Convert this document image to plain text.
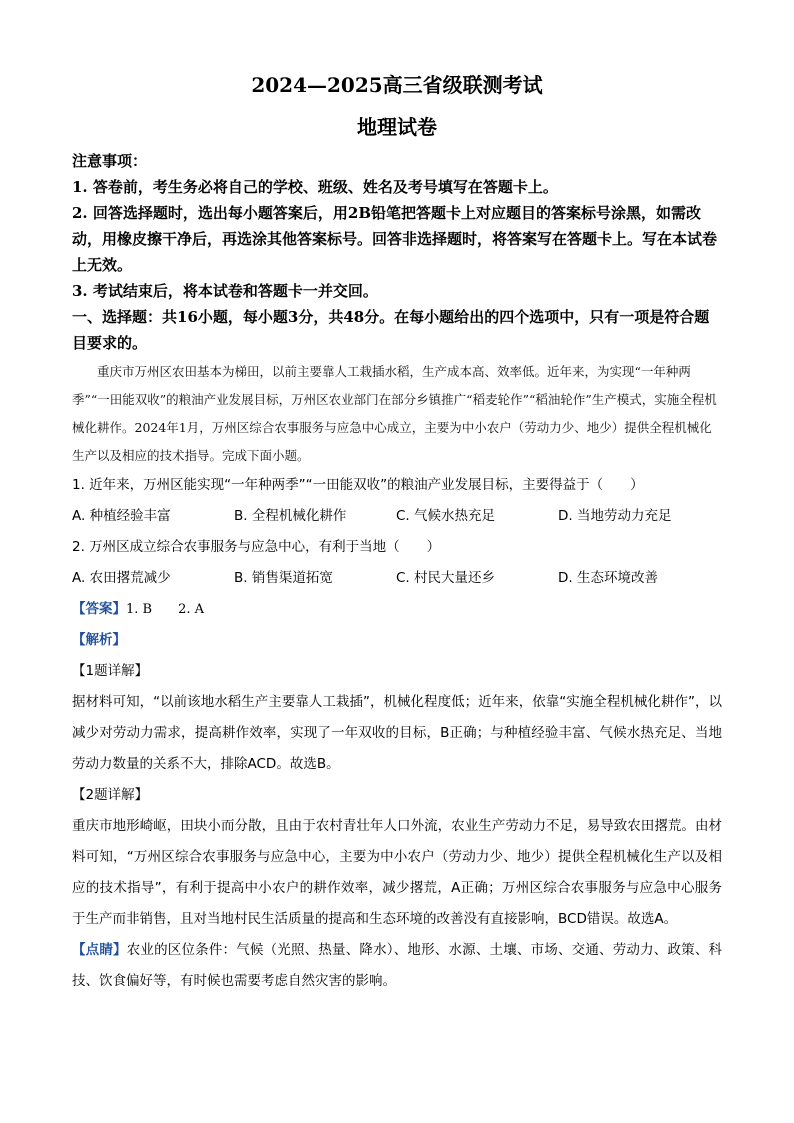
2024—2025高三省级联测考试
地理试卷

注意事项：

1. 答卷前，考生务必将自己的学校、班级、姓名及考号填写在答题卡上。

2. 回答选择题时，选出每小题答案后，用2B铅笔把答题卡上对应题目的答案标号涂黑，如需改动，用橡皮擦干净后，再选涂其他答案标号。回答非选择题时，将答案写在答题卡上。写在本试卷上无效。

3. 考试结束后，将本试卷和答题卡一并交回。

一、选择题：共16小题，每小题3分，共48分。在每小题给出的四个选项中，只有一项是符合题目要求的。

重庆市万州区农田基本为梯田，以前主要靠人工栽插水稻，生产成本高、效率低。近年来，为实现“一年种两季”“一田能双收”的粮油产业发展目标，万州区农业部门在部分乡镇推广“稻麦轮作”“稻油轮作”生产模式，实施全程机械化耕作。2024年1月，万州区综合农事服务与应急中心成立，主要为中小农户（劳动力少、地少）提供全程机械化生产以及相应的技术指导。完成下面小题。

1. 近年来，万州区能实现“一年种两季”“一田能双收”的粮油产业发展目标，主要得益于（　　）

A. 种植经验丰富	B. 全程机械化耕作	C. 气候水热充足	D. 当地劳动力充足

2. 万州区成立综合农事服务与应急中心，有利于当地（　　）

A. 农田撂荒减少	B. 销售渠道拓宽	C. 村民大量还乡	D. 生态环境改善

【答案】1. B 2. A

【解析】

【1题详解】

据材料可知，“以前该地水稻生产主要靠人工栽插”，机械化程度低；近年来，依靠“实施全程机械化耕作”，以减少对劳动力需求，提高耕作效率，实现了一年双收的目标，B正确；与种植经验丰富、气候水热充足、当地劳动力数量的关系不大，排除ACD。故选B。

【2题详解】

重庆市地形崎岖，田块小而分散，且由于农村青壮年人口外流，农业生产劳动力不足，易导致农田撂荒。由材料可知，“万州区综合农事服务与应急中心，主要为中小农户（劳动力少、地少）提供全程机械化生产以及相应的技术指导”，有利于提高中小农户的耕作效率，减少撂荒，A正确；万州区综合农事服务与应急中心服务于生产而非销售，且对当地村民生活质量的提高和生态环境的改善没有直接影响，BCD错误。故选A。

【点睛】农业的区位条件：气候（光照、热量、降水）、地形、水源、土壤、市场、交通、劳动力、政策、科技、饮食偏好等，有时候也需要考虑自然灾害的影响。
